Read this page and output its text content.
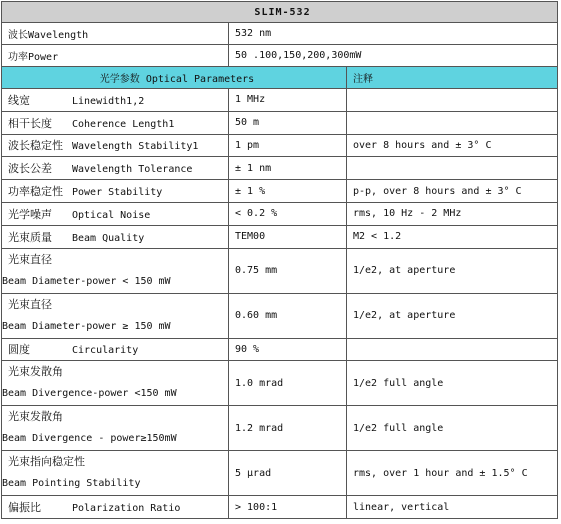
SLIM-532		
波长Wavelength	532 nm	
功率Power	50 .100,150,200,300mW	
光学参数 Optical Parameters		注释
线宽 Linewidth1,2	1 MHz	
相干长度 Coherence Length1	50 m	
波长稳定性 Wavelength Stability1	1 pm	over 8 hours and ± 3° C
波长公差 Wavelength Tolerance	± 1 nm	
功率稳定性 Power Stability	± 1 %	p-p, over 8 hours and ± 3° C
光学噪声 Optical Noise	< 0.2 %	rms, 10 Hz - 2 MHz
光束质量 Beam Quality	TEM00	M2 < 1.2

光束直径
Beam Diameter-power < 150 mW	0.75 mm	1/e2, at aperture

光束直径
Beam Diameter-power ≥ 150 mW	0.60 mm	1/e2, at aperture
圆度 Circularity	90 %	

光束发散角
Beam Divergence-power <150 mW	1.0 mrad	1/e2 full angle

光束发散角
Beam Divergence - power≥150mW	1.2 mrad	1/e2 full angle

光束指向稳定性
Beam Pointing Stability	5 μrad	rms, over 1 hour and ± 1.5° C
偏振比 Polarization Ratio	> 100:1	linear, vertical
